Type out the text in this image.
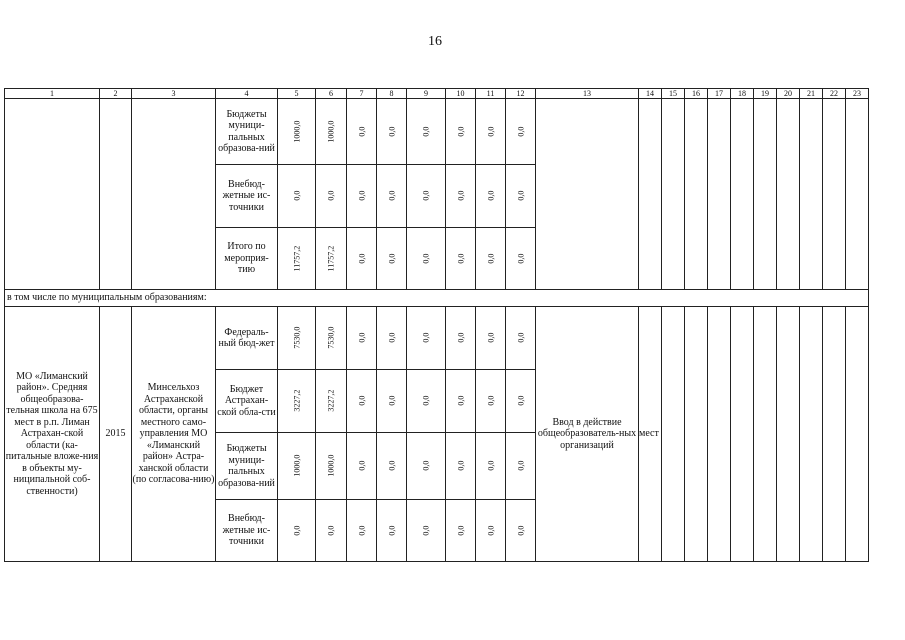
16
1	2	3	4	5	6	7	8	9	10	11	12	13	14	15	16	17	18	19	20	21	22	23
			Бюджеты муници-пальных образова-ний	1000,0	1000,0	0,0	0,0	0,0	0,0	0,0	0,0											
			Внебюд-жетные ис-точники	0,0	0,0	0,0	0,0	0,0	0,0	0,0	0,0											
			Итого по мероприя-тию	11757,2	11757,2	0,0	0,0	0,0	0,0	0,0	0,0											
в том числе по муниципальным образованиям:																						
МО «Лиманский район». Средняя общеобразова-тельная школа на 675 мест в р.п. Лиман Астрахан-ской области (ка-питальные вложе-ния в объекты му-ниципальной соб-ственности)	2015	Минсельхоз Астраханской области, органы местного само-управления МО «Лиманский район» Астра-ханской области (по согласова-нию)	Федераль-ный бюд-жет	7530,0	7530,0	0,0	0,0	0,0	0,0	0,0	0,0	Ввод в действие общеобразователь-ных организаций	мест									
			Бюджет Астрахан-ской обла-сти	3227,2	3227,2	0,0	0,0	0,0	0,0	0,0	0,0											
			Бюджеты муници-пальных образова-ний	1000,0	1000,0	0,0	0,0	0,0	0,0	0,0	0,0											
			Внебюд-жетные ис-точники	0,0	0,0	0,0	0,0	0,0	0,0	0,0	0,0											
